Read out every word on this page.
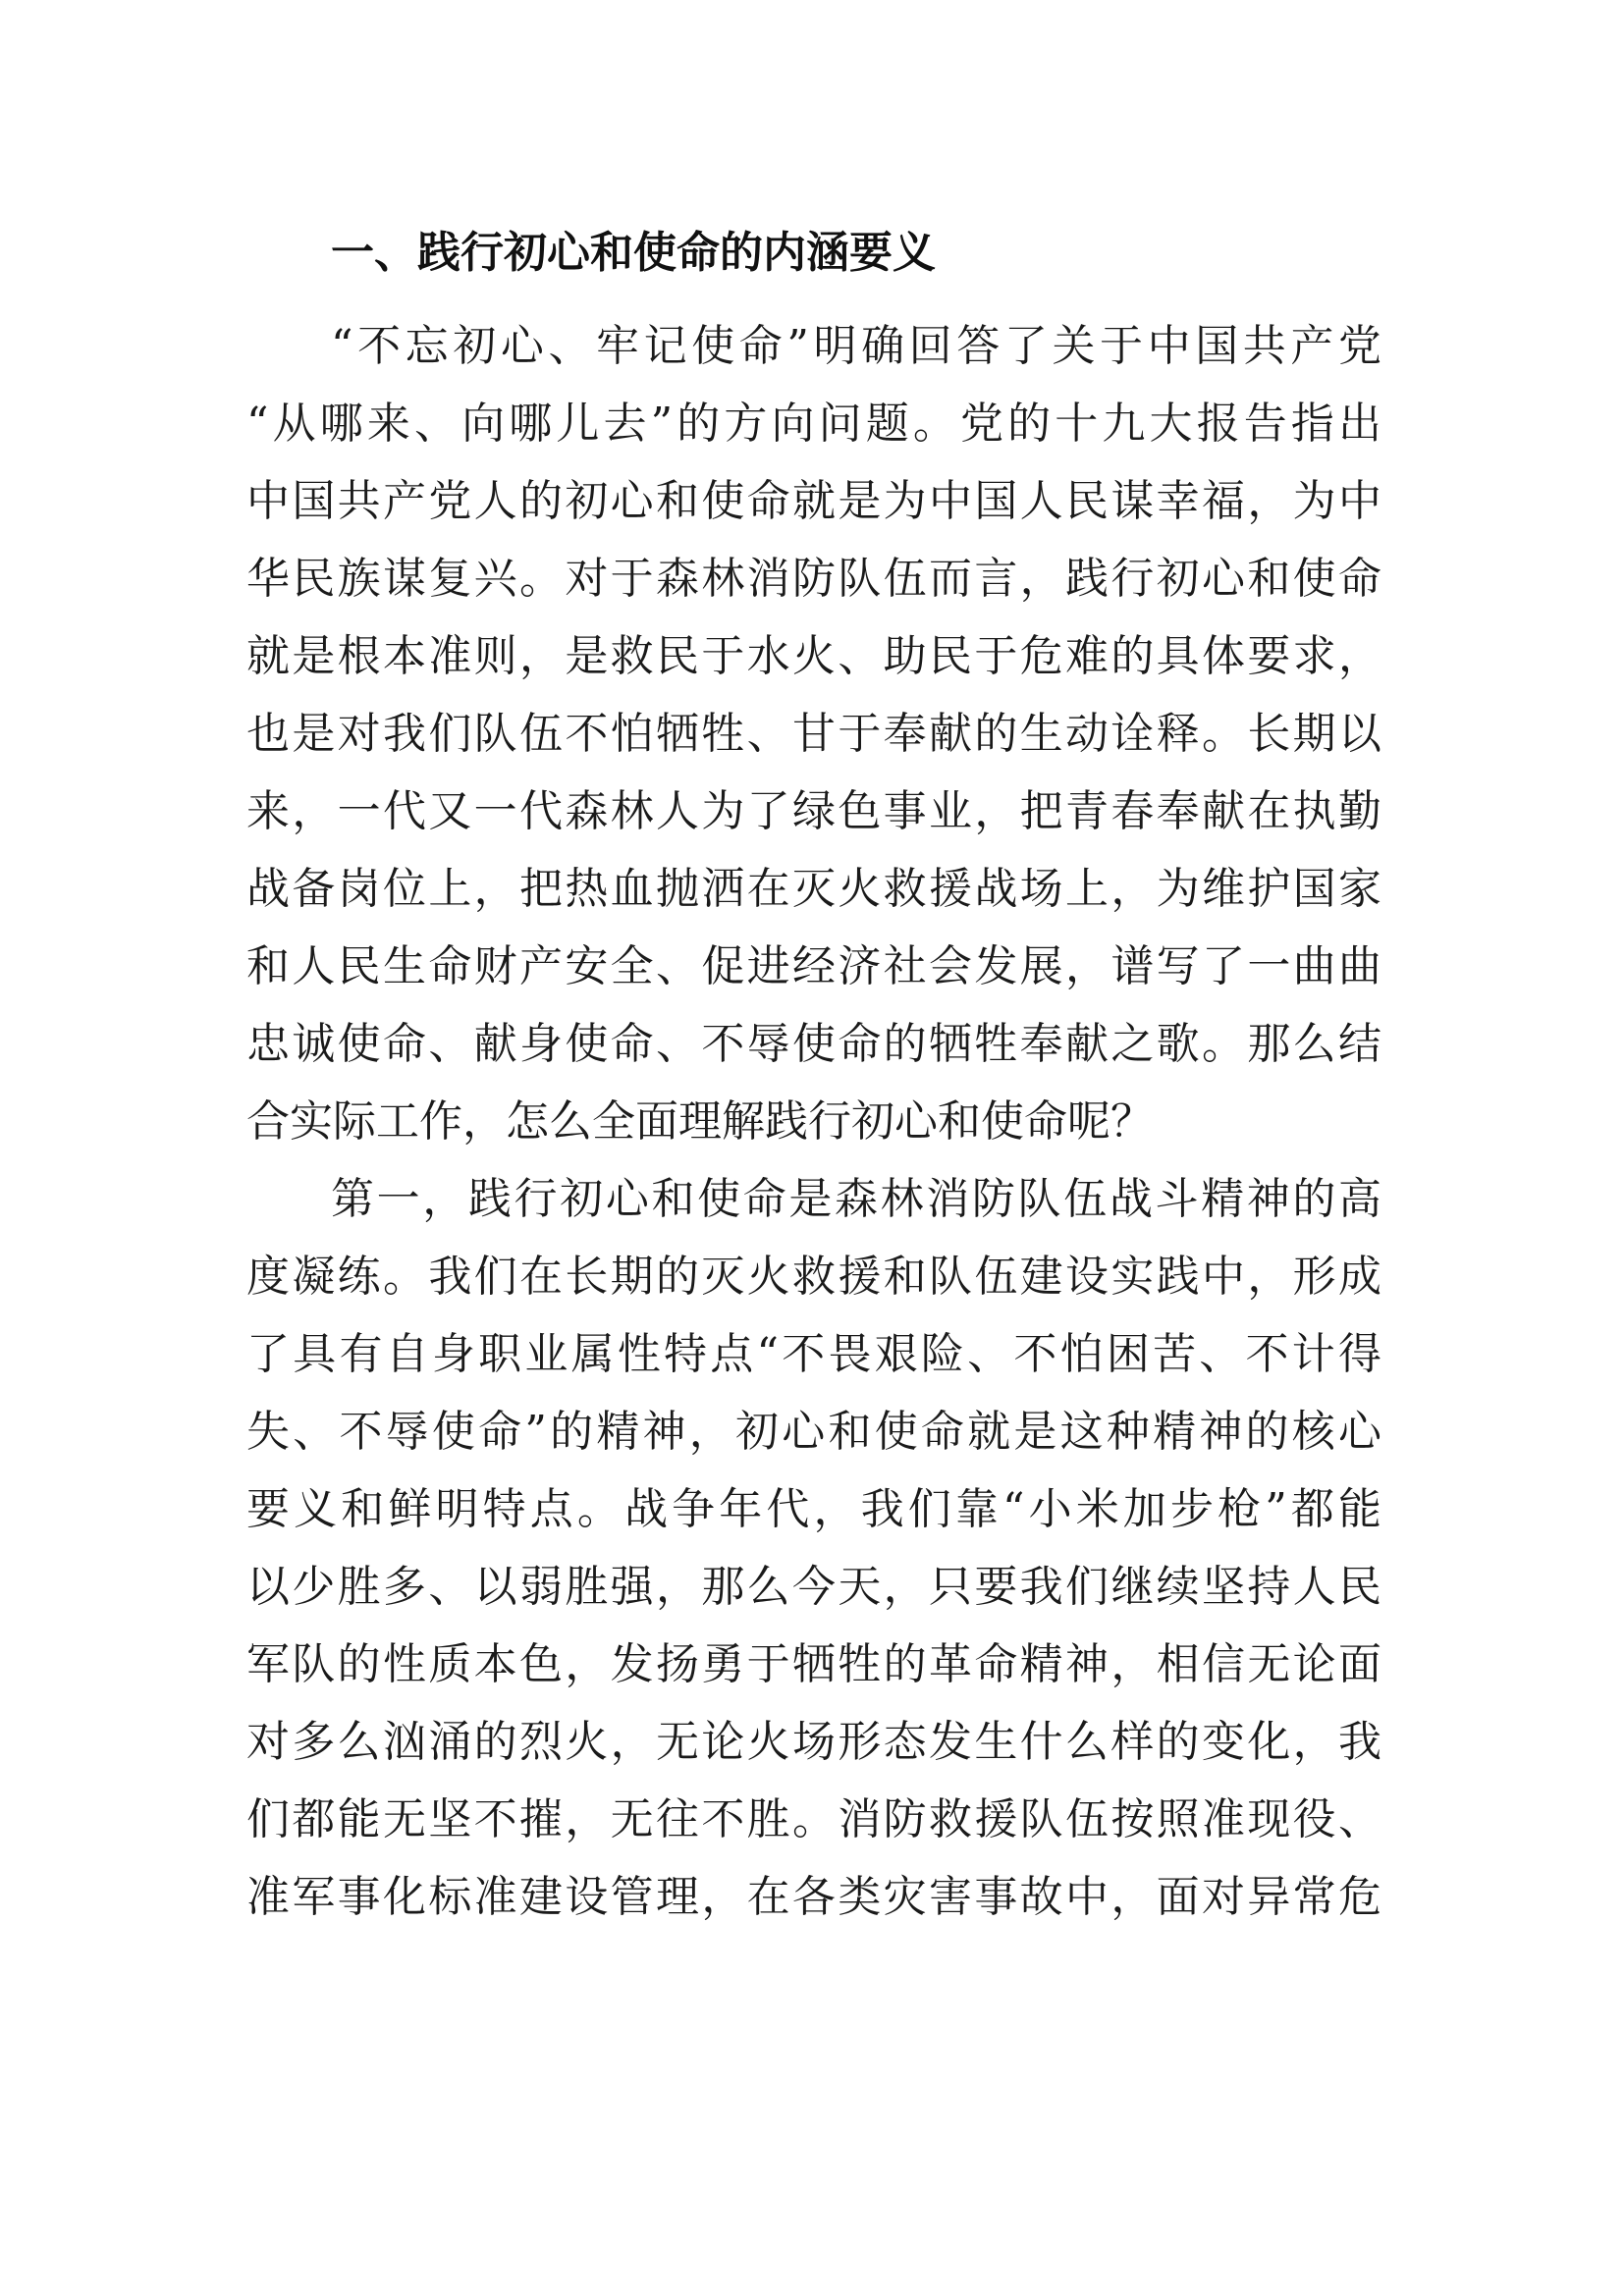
一、践行初心和使命的内涵要义
“不忘初心、牢记使命”明确回答了关于中国共产党
“从哪来、向哪儿去”的方向问题。党的十九大报告指出
中国共产党人的初心和使命就是为中国人民谋幸福，为中
华民族谋复兴。对于森林消防队伍而言，践行初心和使命
就是根本准则，是救民于水火、助民于危难的具体要求，
也是对我们队伍不怕牺牲、甘于奉献的生动诠释。长期以
来，一代又一代森林人为了绿色事业，把青春奉献在执勤
战备岗位上，把热血抛洒在灭火救援战场上，为维护国家
和人民生命财产安全、促进经济社会发展，谱写了一曲曲
忠诚使命、献身使命、不辱使命的牺牲奉献之歌。那么结
合实际工作，怎么全面理解践行初心和使命呢？
第一，践行初心和使命是森林消防队伍战斗精神的高
度凝练。我们在长期的灭火救援和队伍建设实践中，形成
了具有自身职业属性特点“不畏艰险、不怕困苦、不计得
失、不辱使命”的精神，初心和使命就是这种精神的核心
要义和鲜明特点。战争年代，我们靠“小米加步枪”都能
以少胜多、以弱胜强，那么今天，只要我们继续坚持人民
军队的性质本色，发扬勇于牺牲的革命精神，相信无论面
对多么汹涌的烈火，无论火场形态发生什么样的变化，我
们都能无坚不摧，无往不胜。消防救援队伍按照准现役、
准军事化标准建设管理，在各类灾害事故中，面对异常危
